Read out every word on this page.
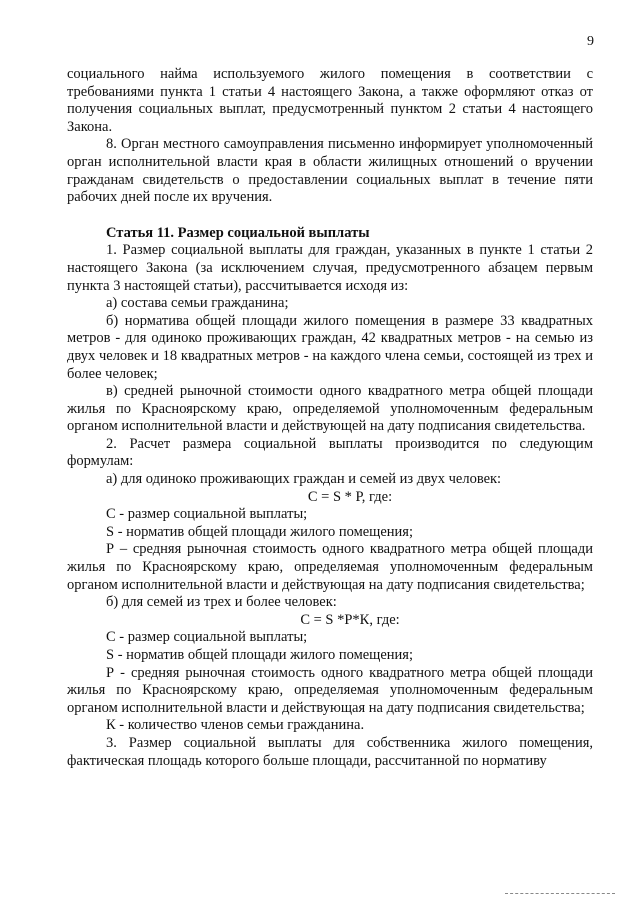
9

социального найма используемого жилого помещения в соответствии с требованиями пункта 1 статьи 4 настоящего Закона, а также оформляют отказ от получения социальных выплат, предусмотренный пунктом 2 статьи 4 настоящего Закона.

8. Орган местного самоуправления письменно информирует уполномоченный орган исполнительной власти края в области жилищных отношений о вручении гражданам свидетельств о предоставлении социальных выплат в течение пяти рабочих дней после их вручения.

Статья 11. Размер социальной выплаты

1. Размер социальной выплаты для граждан, указанных в пункте 1 статьи 2 настоящего Закона (за исключением случая, предусмотренного абзацем первым пункта 3 настоящей статьи), рассчитывается исходя из:

а) состава семьи гражданина;

б) норматива общей площади жилого помещения в размере 33 квадратных метров - для одиноко проживающих граждан, 42 квадратных метров - на семью из двух человек и 18 квадратных метров - на каждого члена семьи, состоящей из трех и более человек;

в) средней рыночной стоимости одного квадратного метра общей площади жилья по Красноярскому краю, определяемой уполномоченным федеральным органом исполнительной власти и действующей на дату подписания свидетельства.

2. Расчет размера социальной выплаты производится по следующим формулам:

а) для одиноко проживающих граждан и семей из двух человек:

С = S * Р, где:

С - размер социальной выплаты;

S - норматив общей площади жилого помещения;

Р – средняя рыночная стоимость одного квадратного метра общей площади жилья по Красноярскому краю, определяемая уполномоченным федеральным органом исполнительной власти и действующая на дату подписания свидетельства;

б) для семей из трех и более человек:

С = S *Р*К, где:

С - размер социальной выплаты;

S - норматив общей площади жилого помещения;

Р - средняя рыночная стоимость одного квадратного метра общей площади жилья по Красноярскому краю, определяемая уполномоченным федеральным органом исполнительной власти и действующая на дату подписания свидетельства;

К - количество членов семьи гражданина.

3. Размер социальной выплаты для собственника жилого помещения, фактическая площадь которого больше площади, рассчитанной по нормативу
